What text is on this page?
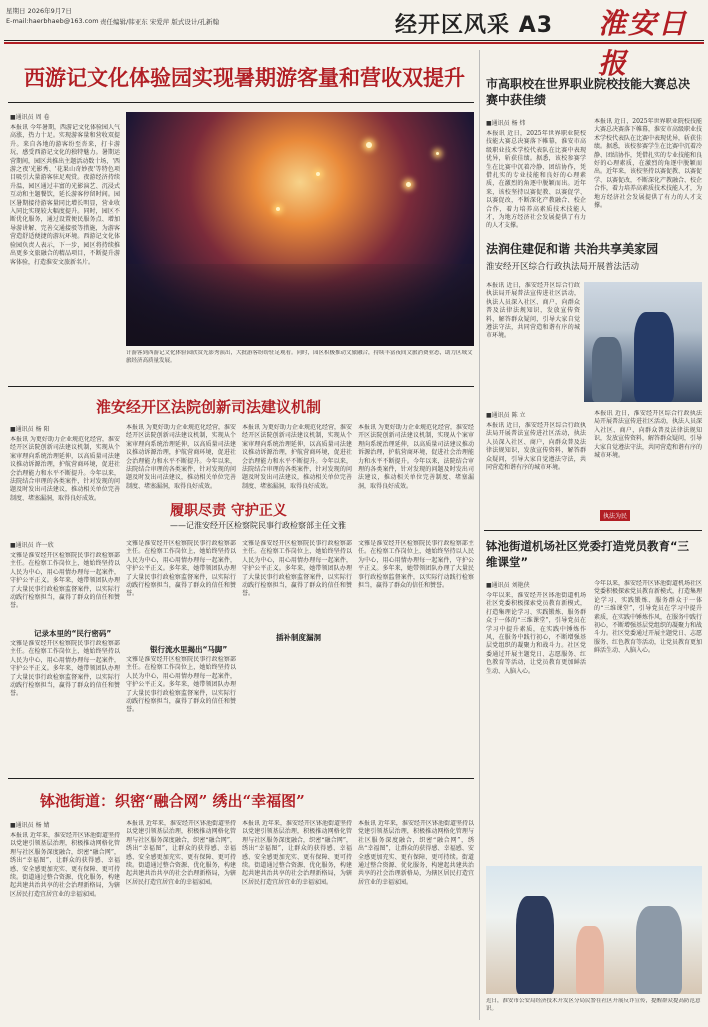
星期日 2026年9月7日
E-mail:haerbhaeb@163.com 责任编辑/韩亚东 宋爱萍 版式设计/孔新翰	经开区风采 A3 淮安日报
西游记文化体验园实现暑期游客量和营收双提升
■通讯员 周 卷
本报讯 今年暑期，西游记文化体验园人气高涨，热力十足。实现游客量和营收双提升。来自各地的游客纷至沓来，打卡游玩，感受西游记文化的独特魅力。暑期运营期间，园区共推出主题活动数十场，'西游之夜'光影秀、'花果山奇妙夜'等特色项目吸引大量游客驻足观赏。夜游经济持续升温，园区通过丰富的光影演艺、沉浸式互动和主题餐饮，延长游客停留时间。园区暑期接待游客量同比增长明显，营业收入同比实现较大幅度提升。同时，园区不断优化服务，通过设置便民服务点、增加导游讲解、完善交通接驳等措施，为游客营造舒适便捷的游玩环境。西游记文化体验园负责人表示，下一步，园区将持续推出更多文旅融合的精品项目，不断提升游客体验，打造淮安文旅新名片。
计游客到西游记文化体验园欣赏光影秀演出，大批游客纷纷驻足观看。同时，园区积极推动文旅融合，持续丰富夜间文旅消费业态，助力区域文旅经济高质量发展。
市高职校在世界职业院校技能大赛总决赛中获佳绩
■通讯员 杨 炜
本报讯 近日，2025年世界职业院校技能大赛总决赛落下帷幕，淮安市高级职业技术学校代表队在比赛中表现优异，斩获佳绩。据悉，该校参赛学生在比赛中沉着冷静、团结协作，凭借扎实的专业技能和良好的心理素质，在激烈的角逐中脱颖而出。近年来，该校坚持以赛促教、以赛促学、以赛促改，不断深化产教融合、校企合作，着力培养高素质技术技能人才，为地方经济社会发展提供了有力的人才支撑。
本报讯 近日，2025年世界职业院校技能大赛总决赛落下帷幕，淮安市高级职业技术学校代表队在比赛中表现优异，斩获佳绩。据悉，该校参赛学生在比赛中沉着冷静、团结协作，凭借扎实的专业技能和良好的心理素质，在激烈的角逐中脱颖而出。近年来，该校坚持以赛促教、以赛促学、以赛促改，不断深化产教融合、校企合作，着力培养高素质技术技能人才，为地方经济社会发展提供了有力的人才支撑。
法润住建促和谐 共治共享美家园
淮安经开区综合行政执法局开展普法活动
本报讯 近日，淮安经开区综合行政执法局开展普法宣传进社区活动，执法人员深入社区、商户，向群众普及法律法规知识，发放宣传资料，解答群众疑问，引导大家自觉遵法守法，共同营造和谐有序的城市环境。
■通讯员 陈 立
本报讯 近日，淮安经开区综合行政执法局开展普法宣传进社区活动，执法人员深入社区、商户，向群众普及法律法规知识，发放宣传资料，解答群众疑问，引导大家自觉遵法守法，共同营造和谐有序的城市环境。
本报讯 近日，淮安经开区综合行政执法局开展普法宣传进社区活动，执法人员深入社区、商户，向群众普及法律法规知识，发放宣传资料，解答群众疑问，引导大家自觉遵法守法，共同营造和谐有序的城市环境。
执法为民
淮安经开区法院创新司法建议机制
■通讯员 杨 阳
本报讯 为更好助力企业规范化经营，淮安经开区法院创新司法建议机制，实现从个案审理向系统治理延伸，以高质量司法建议推动诉源治理，护航营商环境，促进社会治理能力和水平不断提升。今年以来，法院结合审理的各类案件，针对发现的问题及时发出司法建议，推动相关单位完善制度、堵塞漏洞，取得良好成效。
本报讯 为更好助力企业规范化经营，淮安经开区法院创新司法建议机制，实现从个案审理向系统治理延伸，以高质量司法建议推动诉源治理，护航营商环境，促进社会治理能力和水平不断提升。今年以来，法院结合审理的各类案件，针对发现的问题及时发出司法建议，推动相关单位完善制度、堵塞漏洞，取得良好成效。
本报讯 为更好助力企业规范化经营，淮安经开区法院创新司法建议机制，实现从个案审理向系统治理延伸，以高质量司法建议推动诉源治理，护航营商环境，促进社会治理能力和水平不断提升。今年以来，法院结合审理的各类案件，针对发现的问题及时发出司法建议，推动相关单位完善制度、堵塞漏洞，取得良好成效。
本报讯 为更好助力企业规范化经营，淮安经开区法院创新司法建议机制，实现从个案审理向系统治理延伸，以高质量司法建议推动诉源治理，护航营商环境，促进社会治理能力和水平不断提升。今年以来，法院结合审理的各类案件，针对发现的问题及时发出司法建议，推动相关单位完善制度、堵塞漏洞，取得良好成效。
履职尽责 守护正义
——记淮安经开区检察院民事行政检察部主任文雅
■通讯员 许一欣
文雅是淮安经开区检察院民事行政检察部主任。在检察工作岗位上，她始终坚持以人民为中心，用心用情办理每一起案件，守护公平正义。多年来，她带领团队办理了大量民事行政检察监督案件，以实际行动践行检察担当，赢得了群众的信任和赞誉。
记录本里的“民行密码”
文雅是淮安经开区检察院民事行政检察部主任。在检察工作岗位上，她始终坚持以人民为中心，用心用情办理每一起案件，守护公平正义。多年来，她带领团队办理了大量民事行政检察监督案件，以实际行动践行检察担当，赢得了群众的信任和赞誉。
文雅是淮安经开区检察院民事行政检察部主任。在检察工作岗位上，她始终坚持以人民为中心，用心用情办理每一起案件，守护公平正义。多年来，她带领团队办理了大量民事行政检察监督案件，以实际行动践行检察担当，赢得了群众的信任和赞誉。
银行流水里揭出“马脚”
文雅是淮安经开区检察院民事行政检察部主任。在检察工作岗位上，她始终坚持以人民为中心，用心用情办理每一起案件，守护公平正义。多年来，她带领团队办理了大量民事行政检察监督案件，以实际行动践行检察担当，赢得了群众的信任和赞誉。
文雅是淮安经开区检察院民事行政检察部主任。在检察工作岗位上，她始终坚持以人民为中心，用心用情办理每一起案件，守护公平正义。多年来，她带领团队办理了大量民事行政检察监督案件，以实际行动践行检察担当，赢得了群众的信任和赞誉。
插补制度漏洞
文雅是淮安经开区检察院民事行政检察部主任。在检察工作岗位上，她始终坚持以人民为中心，用心用情办理每一起案件，守护公平正义。多年来，她带领团队办理了大量民事行政检察监督案件，以实际行动践行检察担当，赢得了群众的信任和赞誉。
钵池街道机场社区党委打造党员教育“三维课堂”
■通讯员 刘艳侠
今年以来，淮安经开区钵池街道机场社区党委积极探索党员教育新模式，打造集理论学习、实践锻炼、服务群众于一体的“三维课堂”，引导党员在学习中提升素质，在实践中锤炼作风，在服务中践行初心，不断增强基层党组织的凝聚力和战斗力。社区党委通过开展主题党日、志愿服务、红色教育等活动，让党员教育更加鲜活生动、入脑入心。
今年以来，淮安经开区钵池街道机场社区党委积极探索党员教育新模式，打造集理论学习、实践锻炼、服务群众于一体的“三维课堂”，引导党员在学习中提升素质，在实践中锤炼作风，在服务中践行初心，不断增强基层党组织的凝聚力和战斗力。社区党委通过开展主题党日、志愿服务、红色教育等活动，让党员教育更加鲜活生动、入脑入心。
钵池街道：织密“融合网” 绣出“幸福图”
■通讯员 杨 婧
本报讯 近年来，淮安经开区钵池街道坚持以党建引领基层治理，积极推动网格化管理与社区服务深度融合，织密“融合网”，绣出“幸福图”，让群众的获得感、幸福感、安全感更加充实、更有保障、更可持续。街道通过整合资源、优化服务，构建起共建共治共享的社会治理新格局，为辖区居民打造宜居宜业的幸福家园。
本报讯 近年来，淮安经开区钵池街道坚持以党建引领基层治理，积极推动网格化管理与社区服务深度融合，织密“融合网”，绣出“幸福图”，让群众的获得感、幸福感、安全感更加充实、更有保障、更可持续。街道通过整合资源、优化服务，构建起共建共治共享的社会治理新格局，为辖区居民打造宜居宜业的幸福家园。
本报讯 近年来，淮安经开区钵池街道坚持以党建引领基层治理，积极推动网格化管理与社区服务深度融合，织密“融合网”，绣出“幸福图”，让群众的获得感、幸福感、安全感更加充实、更有保障、更可持续。街道通过整合资源、优化服务，构建起共建共治共享的社会治理新格局，为辖区居民打造宜居宜业的幸福家园。
本报讯 近年来，淮安经开区钵池街道坚持以党建引领基层治理，积极推动网格化管理与社区服务深度融合，织密“融合网”，绣出“幸福图”，让群众的获得感、幸福感、安全感更加充实、更有保障、更可持续。街道通过整合资源、优化服务，构建起共建共治共享的社会治理新格局，为辖区居民打造宜居宜业的幸福家园。
近日，淮安市公安局经济技术开发区分局民警在社区开展反诈宣传，提醒群众提高防范意识。
